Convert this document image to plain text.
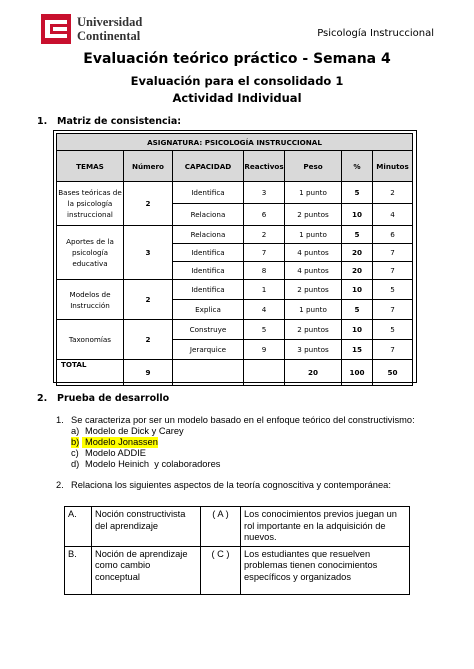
Universidad
Continental	Psicología Instruccional
Evaluación teórico práctico - Semana 4
Evaluación para el consolidado 1
Actividad Individual
1. Matriz de consistencia:
ASIGNATURA: PSICOLOGÍA INSTRUCCIONAL						
TEMAS	Número	CAPACIDAD	Reactivos	Peso	%	Minutos
Bases teóricas de la psicología instruccional	2	Identifica	3	1 punto	5	2
		Relaciona	6	2 puntos	10	4
Aportes de la psicología educativa	3	Relaciona	2	1 punto	5	6
		Identifica	7	4 puntos	20	7
		Identifica	8	4 puntos	20	7
Modelos de Instrucción	2	Identifica	1	2 puntos	10	5
		Explica	4	1 punto	5	7
Taxonomías	2	Construye	5	2 puntos	10	5
		Jerarquice	9	3 puntos	15	7
TOTAL	9			20	100	50
2. Prueba de desarrollo
1. Se caracteriza por ser un modelo basado en el enfoque teórico del constructivismo:
a) Modelo de Dick y Carey
b) Modelo Jonassen
c) Modelo ADDIE
d) Modelo Heinich  y colaboradores
2. Relaciona los siguientes aspectos de la teoría cognoscitiva y contemporánea:
A.	Noción constructivista del aprendizaje	( A )	Los conocimientos previos juegan un rol importante en la adquisición de nuevos.
B.	Noción de aprendizaje como cambio conceptual	( C )	Los estudiantes que resuelven problemas tienen conocimientos específicos y organizados
